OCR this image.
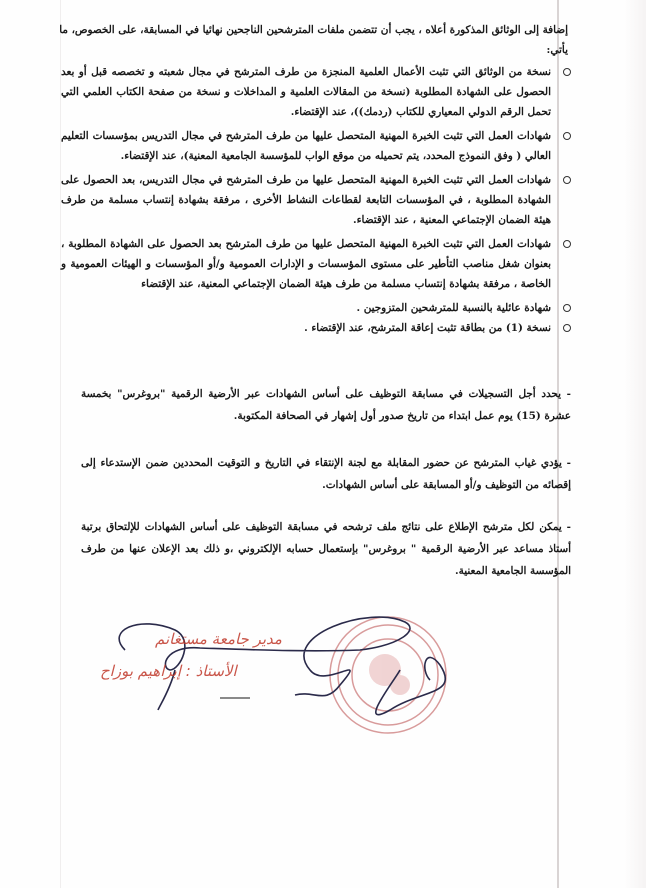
إضافة إلى الوثائق المذكورة أعلاه ، يجب أن تتضمن ملفات المترشحين الناجحين نهائيا في المسابقة، على الخصوص، ما يأتي:
نسخة من الوثائق التي تثبت الأعمال العلمية المنجزة من طرف المترشح في مجال شعبته و تخصصه قبل أو بعد الحصول على الشهادة المطلوبة (نسخة من المقالات العلمية و المداخلات و نسخة من صفحة الكتاب العلمي التي تحمل الرقم الدولي المعياري للكتاب (ردمك))، عند الإقتضاء.
شهادات العمل التي تثبت الخبرة المهنية المتحصل عليها من طرف المترشح في مجال التدريس بمؤسسات التعليم العالي ( وفق النموذج المحدد، يتم تحميله من موقع الواب للمؤسسة الجامعية المعنية)، عند الإقتضاء.
شهادات العمل التي تثبت الخبرة المهنية المتحصل عليها من طرف المترشح في مجال التدريس، بعد الحصول على الشهادة المطلوبة ، في المؤسسات التابعة لقطاعات النشاط الأخرى ، مرفقة بشهادة إنتساب مسلمة من طرف هيئة الضمان الإجتماعي المعنية ، عند الإقتضاء.
شهادات العمل التي تثبت الخبرة المهنية المتحصل عليها من طرف المترشح بعد الحصول على الشهادة المطلوبة ، بعنوان شغل مناصب التأطير على مستوى المؤسسات و الإدارات العمومية و/أو المؤسسات و الهيئات العمومية و الخاصة ، مرفقة بشهادة إنتساب مسلمة من طرف هيئة الضمان الإجتماعي المعنية، عند الإقتضاء
شهادة عائلية بالنسبة للمترشحين المتزوجين .
نسخة (1) من بطاقة تثبت إعاقة المترشح، عند الإقتضاء .
- يحدد أجل التسجيلات في مسابقة التوظيف على أساس الشهادات عبر الأرضية الرقمية "بروغرس" بخمسة عشرة (15) يوم عمل ابتداء من تاريخ صدور أول إشهار في الصحافة المكتوبة.
- يؤدي غياب المترشح عن حضور المقابلة مع لجنة الإنتقاء في التاريخ و التوقيت المحددين ضمن الإستدعاء إلى إقصائه من التوظيف و/أو المسابقة على أساس الشهادات.
- يمكن لكل مترشح الإطلاع على نتائج ملف ترشحه في مسابقة التوظيف على أساس الشهادات للإلتحاق برتبة أستاذ مساعد عبر الأرضية الرقمية " بروغرس" بإستعمال حسابه الإلكتروني ،و ذلك بعد الإعلان عنها من طرف المؤسسة الجامعية المعنية.
مدير جامعة مستغانم
الأستاذ : إبراهيم بوزاح
